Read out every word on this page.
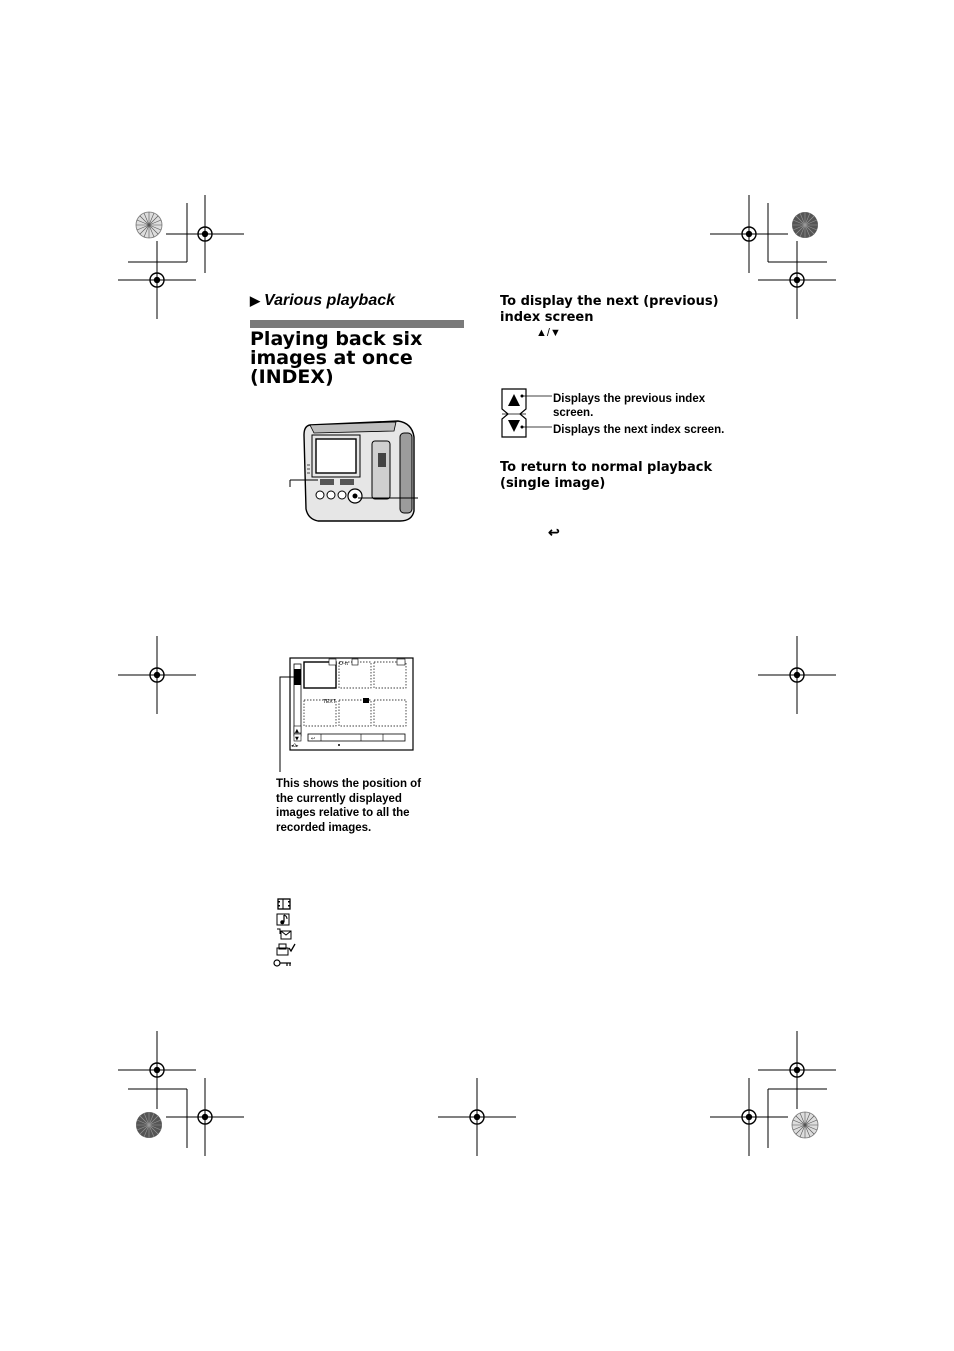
▶ Various playback
Playing back six images at once (INDEX)
▲
▼
O-π
TEXT
↩
◂0▸
This shows the position of the currently displayed images relative to all the recorded images.
To display the next (previous) index screen
▲/▼
Displays the previous index screen.
Displays the next index screen.
To return to normal playback (single image)
↩
